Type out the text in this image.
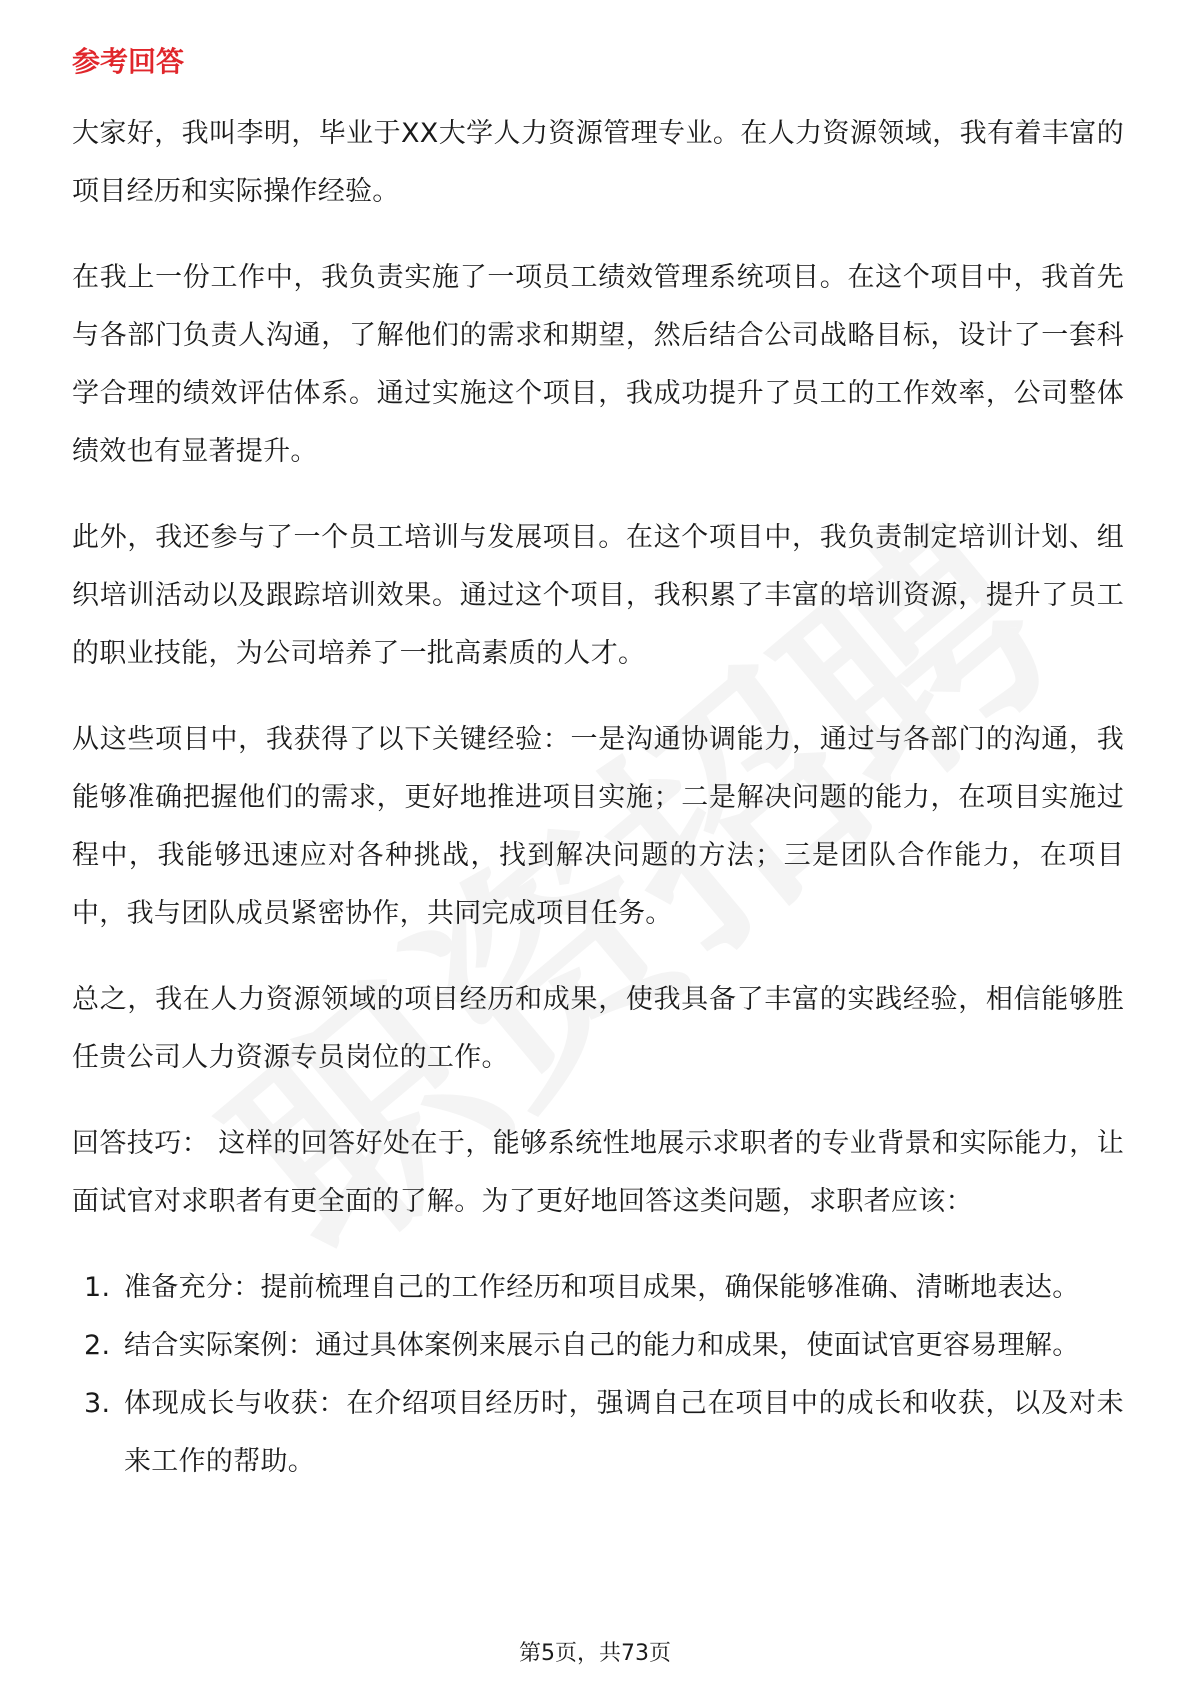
参考回答

大家好，我叫李明，毕业于XX大学人力资源管理专业。在人力资源领域，我有着丰富的项目经历和实际操作经验。

在我上一份工作中，我负责实施了一项员工绩效管理系统项目。在这个项目中，我首先与各部门负责人沟通，了解他们的需求和期望，然后结合公司战略目标，设计了一套科学合理的绩效评估体系。通过实施这个项目，我成功提升了员工的工作效率，公司整体绩效也有显著提升。

此外，我还参与了一个员工培训与发展项目。在这个项目中，我负责制定培训计划、组织培训活动以及跟踪培训效果。通过这个项目，我积累了丰富的培训资源，提升了员工的职业技能，为公司培养了一批高素质的人才。

从这些项目中，我获得了以下关键经验：一是沟通协调能力，通过与各部门的沟通，我能够准确把握他们的需求，更好地推进项目实施；二是解决问题的能力，在项目实施过程中，我能够迅速应对各种挑战，找到解决问题的方法；三是团队合作能力，在项目中，我与团队成员紧密协作，共同完成项目任务。

总之，我在人力资源领域的项目经历和成果，使我具备了丰富的实践经验，相信能够胜任贵公司人力资源专员岗位的工作。

回答技巧： 这样的回答好处在于，能够系统性地展示求职者的专业背景和实际能力，让面试官对求职者有更全面的了解。为了更好地回答这类问题，求职者应该：

1. 准备充分：提前梳理自己的工作经历和项目成果，确保能够准确、清晰地表达。
2. 结合实际案例：通过具体案例来展示自己的能力和成果，使面试官更容易理解。
3. 体现成长与收获：在介绍项目经历时，强调自己在项目中的成长和收获，以及对未来工作的帮助。
第5页，共73页
